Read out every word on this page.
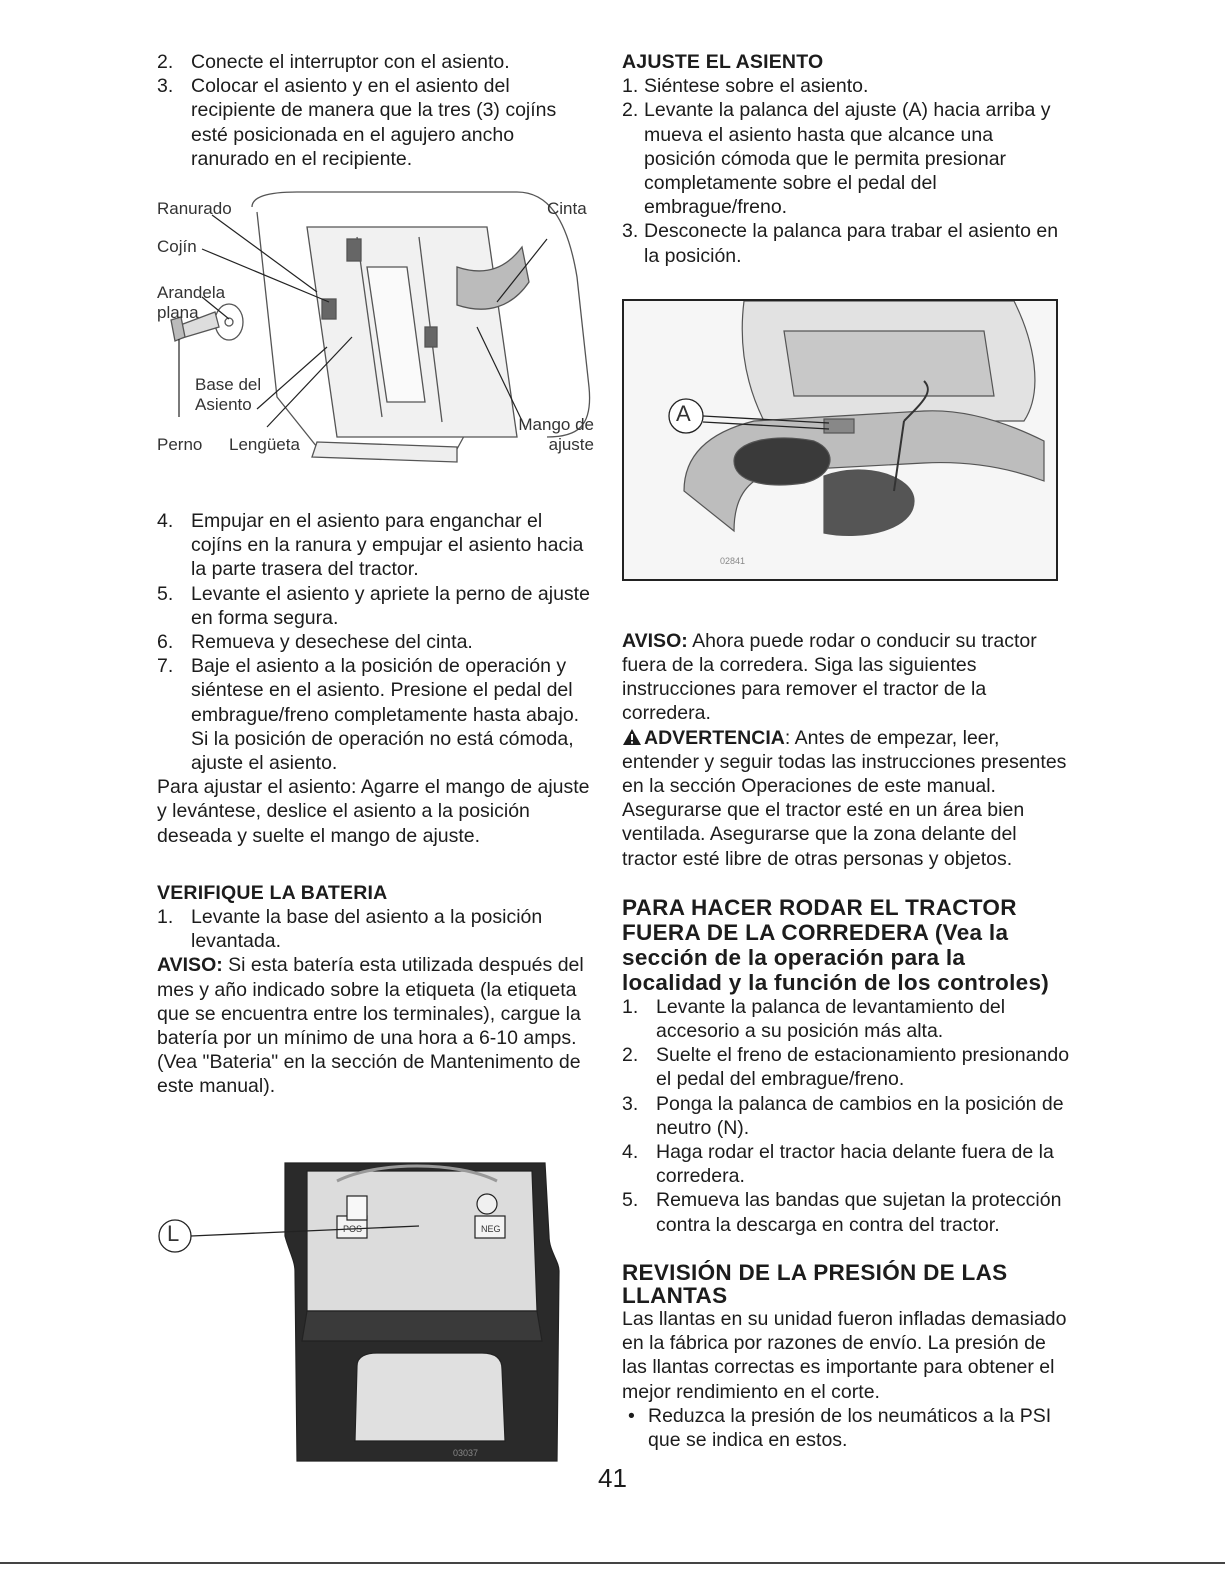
2. Conecte el interruptor con el asiento.
3. Colocar el asiento y en el asiento del recipiente de manera que la tres (3) cojíns esté posicionada en el agujero ancho ranurado en el recipiente.
Ranurado
Cojín
Arandela plana
Base del Asiento
Perno Lengüeta
Cinta
Mango de ajuste
4. Empujar en el asiento para enganchar el cojíns en la ranura y empujar el asiento hacia la parte trasera del tractor.
5. Levante el asiento y apriete la perno de ajuste en forma segura.
6. Remueva y desechese del cinta.
7. Baje el asiento a la posición de operación y siéntese en el asiento. Presione el pedal del embrague/freno completamente hasta abajo. Si la posición de operación no está cómoda, ajuste el asiento.

Para ajustar el asiento: Agarre el mango de ajuste y levántese, deslice el asiento a la posición deseada y suelte el mango de ajuste.

VERIFIQUE LA BATERIA
1. Levante la base del asiento a la posición levantada.

AVISO: Si esta batería esta utilizada después del mes y año indicado sobre la etiqueta (la etiqueta que se encuentra entre los terminales), cargue la batería por un mínimo de una hora a 6-10 amps. (Vea "Bateria" en la sección de Mantenimento de este manual).

L	POS	NEG
03037
AJUSTE EL ASIENTO
1. Siéntese sobre el asiento.
2. Levante la palanca del ajuste (A) hacia arriba y mueva el asiento hasta que alcance una posición cómoda que le permita presionar completamente sobre el pedal del embrague/freno.
3. Desconecte la palanca para trabar el asiento en la posición.
A
02841

AVISO: Ahora puede rodar o conducir su tractor fuera de la corredera. Siga las siguientes instrucciones para remover el tractor de la corredera.

ADVERTENCIA: Antes de empezar, leer, entender y seguir todas las instrucciones presentes en la sección Operaciones de este manual. Asegurarse que el tractor esté en un área bien ventilada. Asegurarse que la zona delante del tractor esté libre de otras personas y objetos.

PARA HACER RODAR EL TRACTOR FUERA DE LA CORREDERA (Vea la sección de la operación para la localidad y la función de los controles)
1. Levante la palanca de levantamiento del accesorio a su posición más alta.
2. Suelte el freno de estacionamiento presionando el pedal del embrague/freno.
3. Ponga la palanca de cambios en la posición de neutro (N).
4. Haga rodar el tractor hacia delante fuera de la corredera.
5. Remueva las bandas que sujetan la protección contra la descarga en contra del tractor.
REVISIÓN DE LA PRESIÓN DE LAS LLANTAS

Las llantas en su unidad fueron infladas demasiado en la fábrica por razones de envío. La presión de las llantas correctas es importante para obtener el mejor rendimiento en el corte.

• Reduzca la presión de los neumáticos a la PSI que se indica en estos.
41
